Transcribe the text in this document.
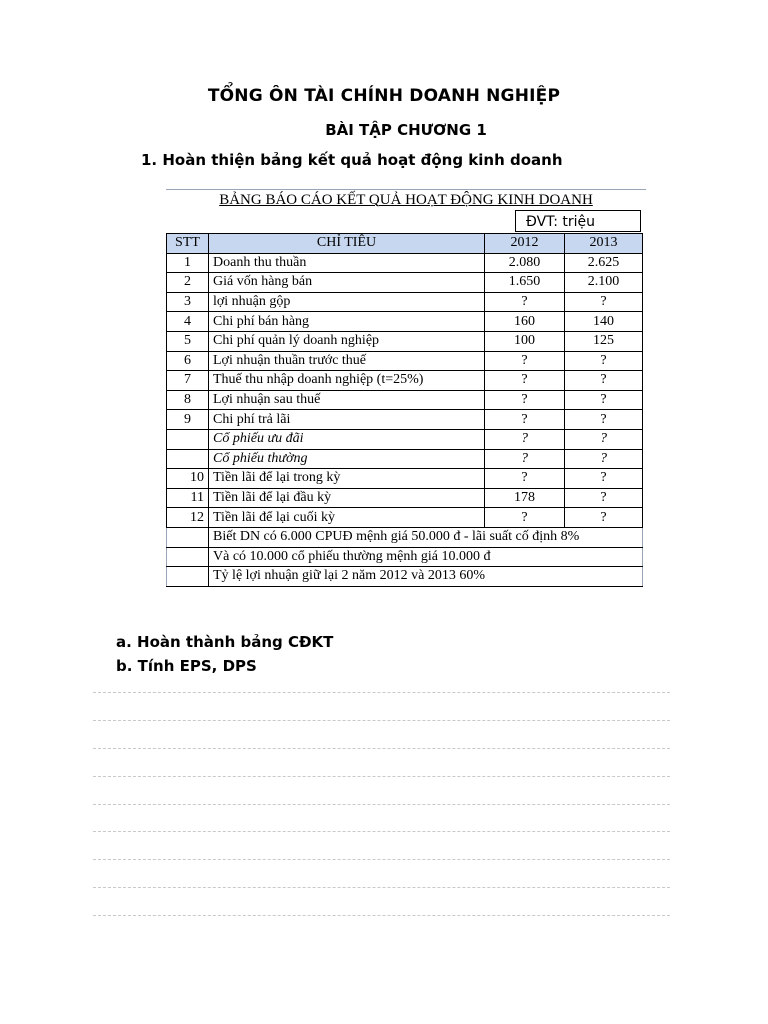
TỔNG ÔN TÀI CHÍNH DOANH NGHIỆP
BÀI TẬP CHƯƠNG 1
1. Hoàn thiện bảng kết quả hoạt động kinh doanh
BẢNG BÁO CÁO KẾT QUẢ HOẠT ĐỘNG KINH DOANH
ĐVT: triệu
STT	CHỈ TIÊU	2012	2013
1	Doanh thu thuần	2.080	2.625
2	Giá vốn hàng bán	1.650	2.100
3	lợi nhuận gộp	?	?
4	Chi phí bán hàng	160	140
5	Chi phí quản lý doanh nghiệp	100	125
6	Lợi nhuận thuần trước thuế	?	?
7	Thuế thu nhập doanh nghiệp (t=25%)	?	?
8	Lợi nhuận sau thuế	?	?
9	Chi phí trả lãi	?	?
	Cổ phiếu ưu đãi	?	?
	Cổ phiếu thường	?	?
10	Tiền lãi để lại trong kỳ	?	?
11	Tiền lãi để lại đầu kỳ	178	?
12	Tiền lãi để lại cuối kỳ	?	?
	Biết DN có 6.000 CPUĐ mệnh giá 50.000 đ - lãi suất cố định 8%		
	Và có 10.000 cổ phiếu thường mệnh giá 10.000 đ		
	Tỷ lệ lợi nhuận giữ lại 2 năm 2012 và 2013 60%		
a. Hoàn thành bảng CĐKT
b. Tính EPS, DPS
